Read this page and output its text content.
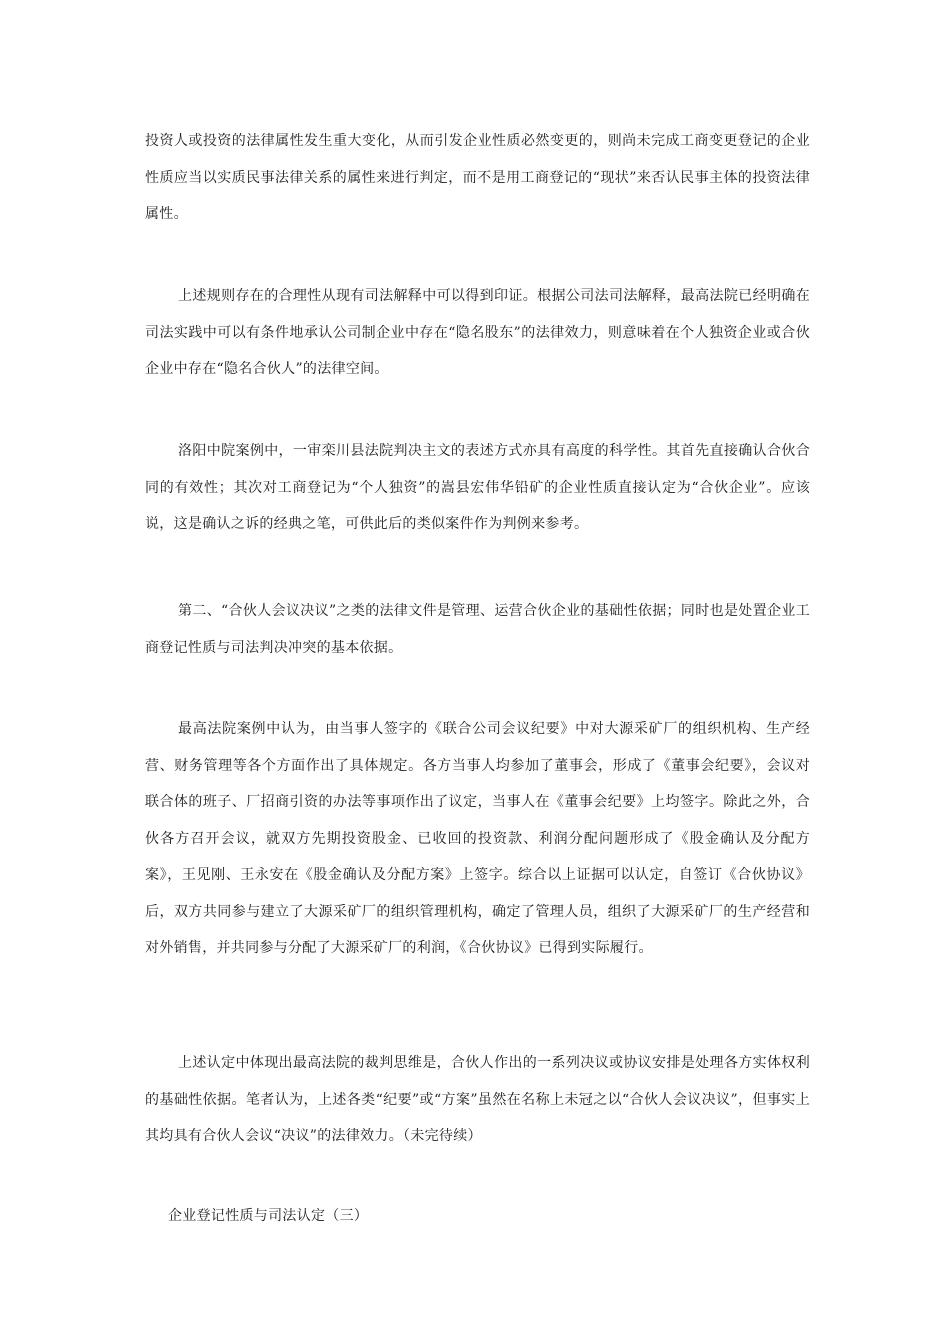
投资人或投资的法律属性发生重大变化，从而引发企业性质必然变更的，则尚未完成工商变更登记的企业性质应当以实质民事法律关系的属性来进行判定，而不是用工商登记的“现状”来否认民事主体的投资法律属性。

上述规则存在的合理性从现有司法解释中可以得到印证。根据公司法司法解释，最高法院已经明确在司法实践中可以有条件地承认公司制企业中存在“隐名股东”的法律效力，则意味着在个人独资企业或合伙企业中存在“隐名合伙人”的法律空间。

洛阳中院案例中，一审栾川县法院判决主文的表述方式亦具有高度的科学性。其首先直接确认合伙合同的有效性；其次对工商登记为“个人独资”的嵩县宏伟华铅矿的企业性质直接认定为“合伙企业”。应该说，这是确认之诉的经典之笔，可供此后的类似案件作为判例来参考。

第二、“合伙人会议决议”之类的法律文件是管理、运营合伙企业的基础性依据；同时也是处置企业工商登记性质与司法判决冲突的基本依据。

最高法院案例中认为，由当事人签字的《联合公司会议纪要》中对大源采矿厂的组织机构、生产经营、财务管理等各个方面作出了具体规定。各方当事人均参加了董事会，形成了《董事会纪要》，会议对联合体的班子、厂招商引资的办法等事项作出了议定，当事人在《董事会纪要》上均签字。除此之外，合伙各方召开会议，就双方先期投资股金、已收回的投资款、利润分配问题形成了《股金确认及分配方案》，王见刚、王永安在《股金确认及分配方案》上签字。综合以上证据可以认定，自签订《合伙协议》后，双方共同参与建立了大源采矿厂的组织管理机构，确定了管理人员，组织了大源采矿厂的生产经营和对外销售，并共同参与分配了大源采矿厂的利润，《合伙协议》已得到实际履行。

上述认定中体现出最高法院的裁判思维是，合伙人作出的一系列决议或协议安排是处理各方实体权利的基础性依据。笔者认为，上述各类“纪要”或“方案”虽然在名称上未冠之以“合伙人会议决议”，但事实上其均具有合伙人会议“决议”的法律效力。（未完待续）

企业登记性质与司法认定（三）
